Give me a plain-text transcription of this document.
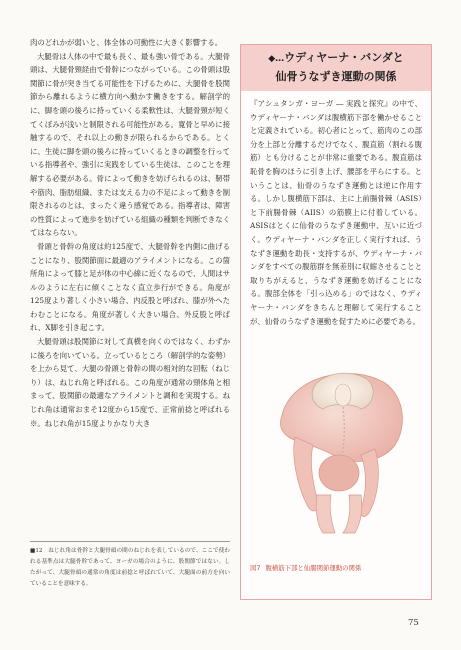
肉のどれかが弱いと、体全体の可動性に大きく影響する。

大腿骨は人体の中で最も長く、最も強い骨である。大腿骨頭は、大腿骨頸経由で骨幹につながっている。この骨頭は股関節に骨が突き当てる可能性を下げるために、大腿骨を股関節から離れるように横方向へ動かす働きをする。解剖学的に、脚を頭の後ろに持っていくる柔軟性は、大腿骨頸が短くてくぼみが浅いと制限される可能性がある。寛骨と早めに接触するので、それ以上の動きが限られるからである。とくに、生徒に脚を頭の後ろに持っていくるときの調整を行っている指導者や、強引に実践をしている生徒は、このことを理解する必要がある。骨によって動きを妨げられるのは、靭帯や筋肉、脂肪組織、または支える力の不足によって動きを制限されるのとは、まったく違う感覚である。指導者は、障害の性質によって進歩を妨げている組織の種類を判断できなくてはならない。

骨頭と骨幹の角度は約125度で、大腿骨幹を内側に曲げることになり、股関節面に最適のアライメントになる。この箇所角によって膝と足が体の中心線に近くなるので、人間はサルのように左右に傾くことなく直立歩行ができる。角度が125度より著しく小さい場合、内反股と呼ばれ、膝が外へたわむことになる。角度が著しく大きい場合、外反股と呼ばれ、X脚を引き起こす。

大腿骨頭は股関節に対して真横を向くのではなく、わずかに後ろを向いている。立っているところ（解剖学的な姿勢）を上から見て、大腿の骨頭と骨幹の間の相対的な回転（ねじり）は、ねじれ角と呼ばれる。この角度が通常の頸体角と相まって、股関節の最適なアライメントと調和を実現する。ねじれ角は通常おまそ12度から15度で、正常前捻と呼ばれる※。ねじれ角が15度よりかなり大き

■12　ねじれ角は骨幹と大腿骨頭の間のねじれを表しているので、ここで使われる基準点は大腿骨幹であって、ヨーガの場合のように、股関節ではない。したがって、大腿骨頭の通常の角度は前捻と呼ばれていて、大腿面の前方を向いていることを意味する。
◆…ウディヤーナ・バンダと
仙骨うなずき運動の関係

『アシュタンガ・ヨーガ ― 実践と探究』の中で、ウディヤーナ・バンダは腹横筋下部を働かせることと定義されている。初心者にとって、筋肉のこの部分を上部と分離するだけでなく、腹直筋（割れる腹筋）とも分けることが非常に重要である。腹直筋は恥骨を胸のほうに引き上げ、腰部を平らにする。ということは、仙骨のうなずき運動とは逆に作用する。しかし腹横筋下部は、主に上前腸骨棘（ASIS）と下前腸骨棘（AIIS）の筋膜上に付着している。ASISはとくに仙骨のうなずき運動中、互いに近づく。ウディヤーナ・バンダを正しく実行すれば、うなずき運動を助長・支持するが、ウディヤーナ・バンダをすべての腹筋群を無差別に収縮させることと取りちがえると、うなずき運動を妨げることになる。腹部全体を「引っ込める」のではなく、ウディヤーナ・バンダをきちんと理解して実行することが、仙骨のうなずき運動を促すために必要である。

図7 腹横筋下部と仙腸関節運動の関係
75
